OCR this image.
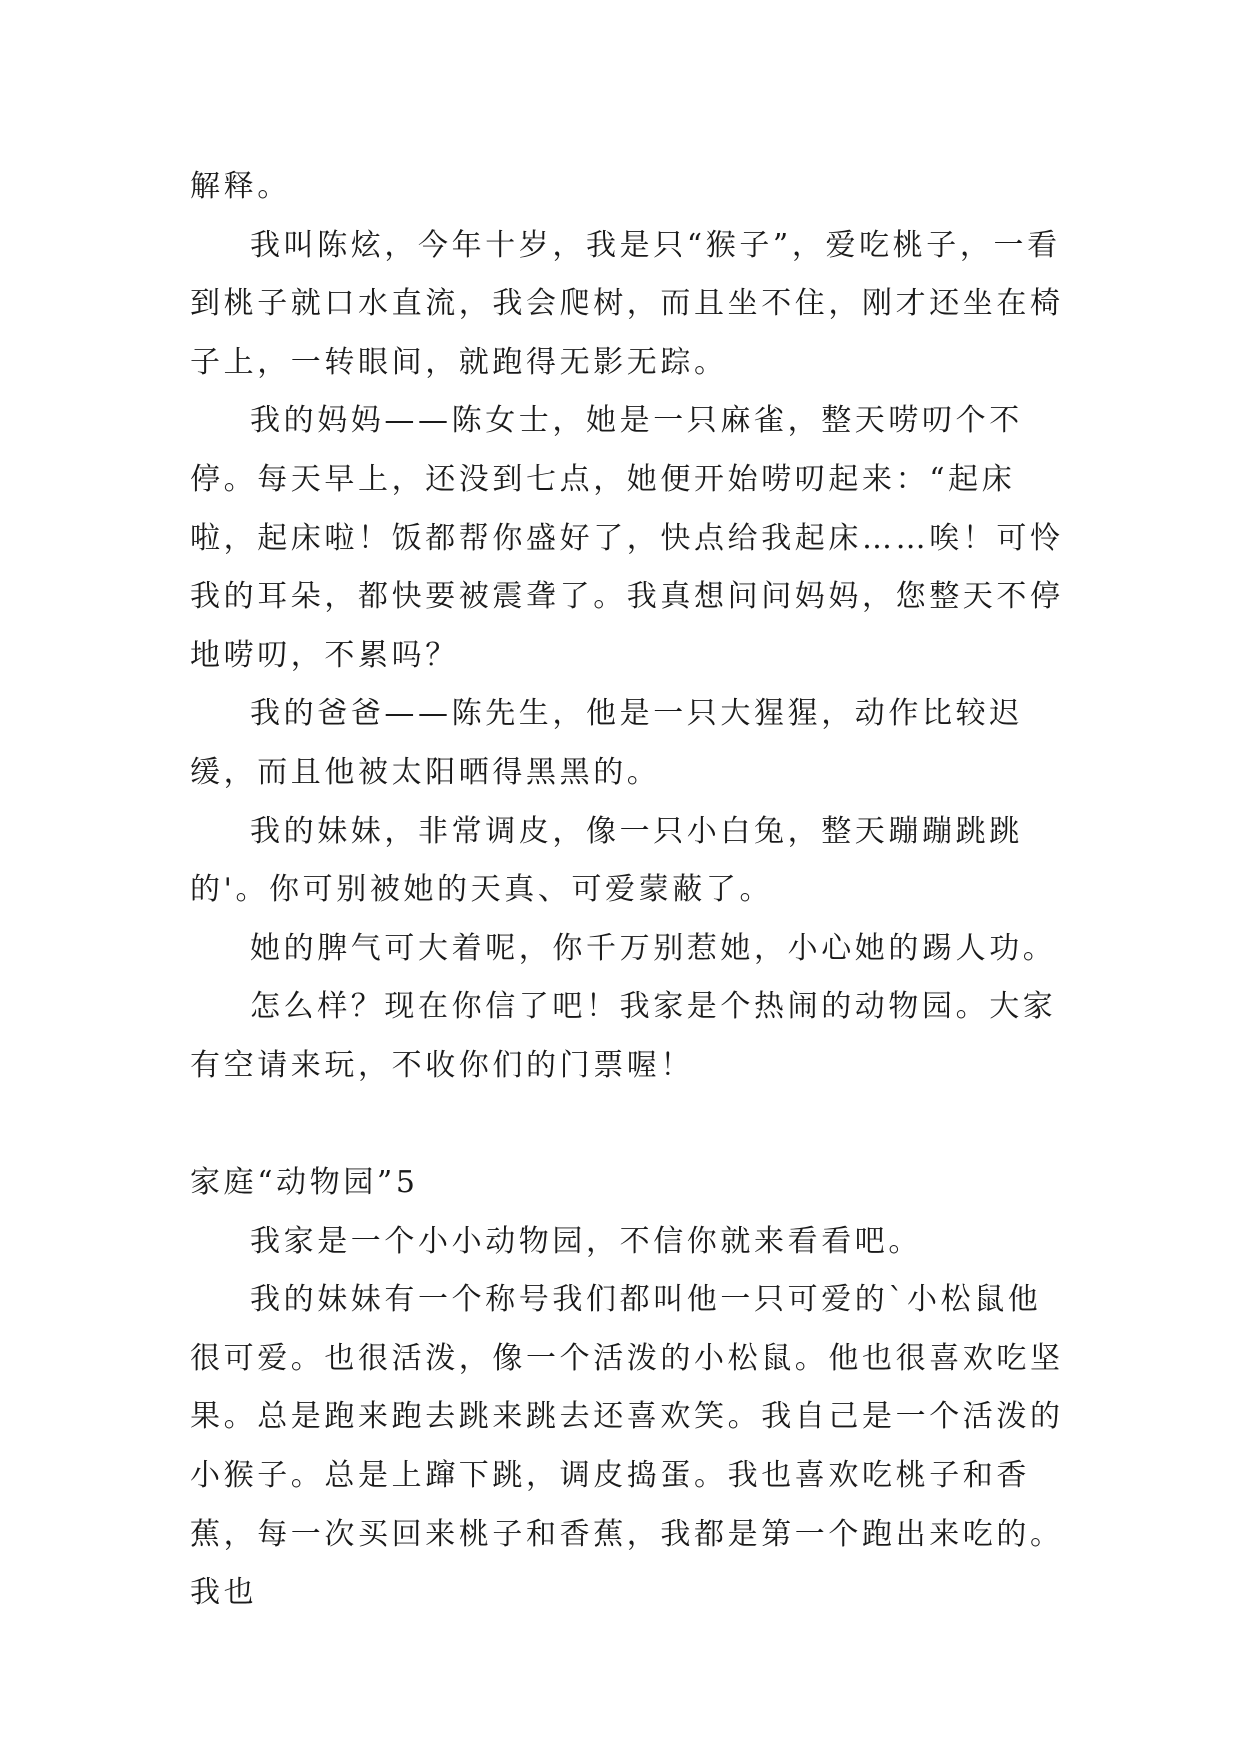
解释。

我叫陈炫，今年十岁，我是只“猴子”，爱吃桃子，一看到桃子就口水直流，我会爬树，而且坐不住，刚才还坐在椅子上，一转眼间，就跑得无影无踪。

我的妈妈——陈女士，她是一只麻雀，整天唠叨个不停。每天早上，还没到七点，她便开始唠叨起来：“起床啦，起床啦！饭都帮你盛好了，快点给我起床……唉！可怜我的耳朵，都快要被震聋了。我真想问问妈妈，您整天不停地唠叨，不累吗？

我的爸爸——陈先生，他是一只大猩猩，动作比较迟缓，而且他被太阳晒得黑黑的。

我的妹妹，非常调皮，像一只小白兔，整天蹦蹦跳跳的'。你可别被她的天真、可爱蒙蔽了。

她的脾气可大着呢，你千万别惹她，小心她的踢人功。

怎么样？现在你信了吧！我家是个热闹的动物园。大家有空请来玩，不收你们的门票喔！

家庭“动物园”5

我家是一个小小动物园，不信你就来看看吧。

我的妹妹有一个称号我们都叫他一只可爱的`小松鼠他很可爱。也很活泼，像一个活泼的小松鼠。他也很喜欢吃坚果。总是跑来跑去跳来跳去还喜欢笑。我自己是一个活泼的小猴子。总是上蹿下跳，调皮捣蛋。我也喜欢吃桃子和香蕉，每一次买回来桃子和香蕉，我都是第一个跑出来吃的。我也
